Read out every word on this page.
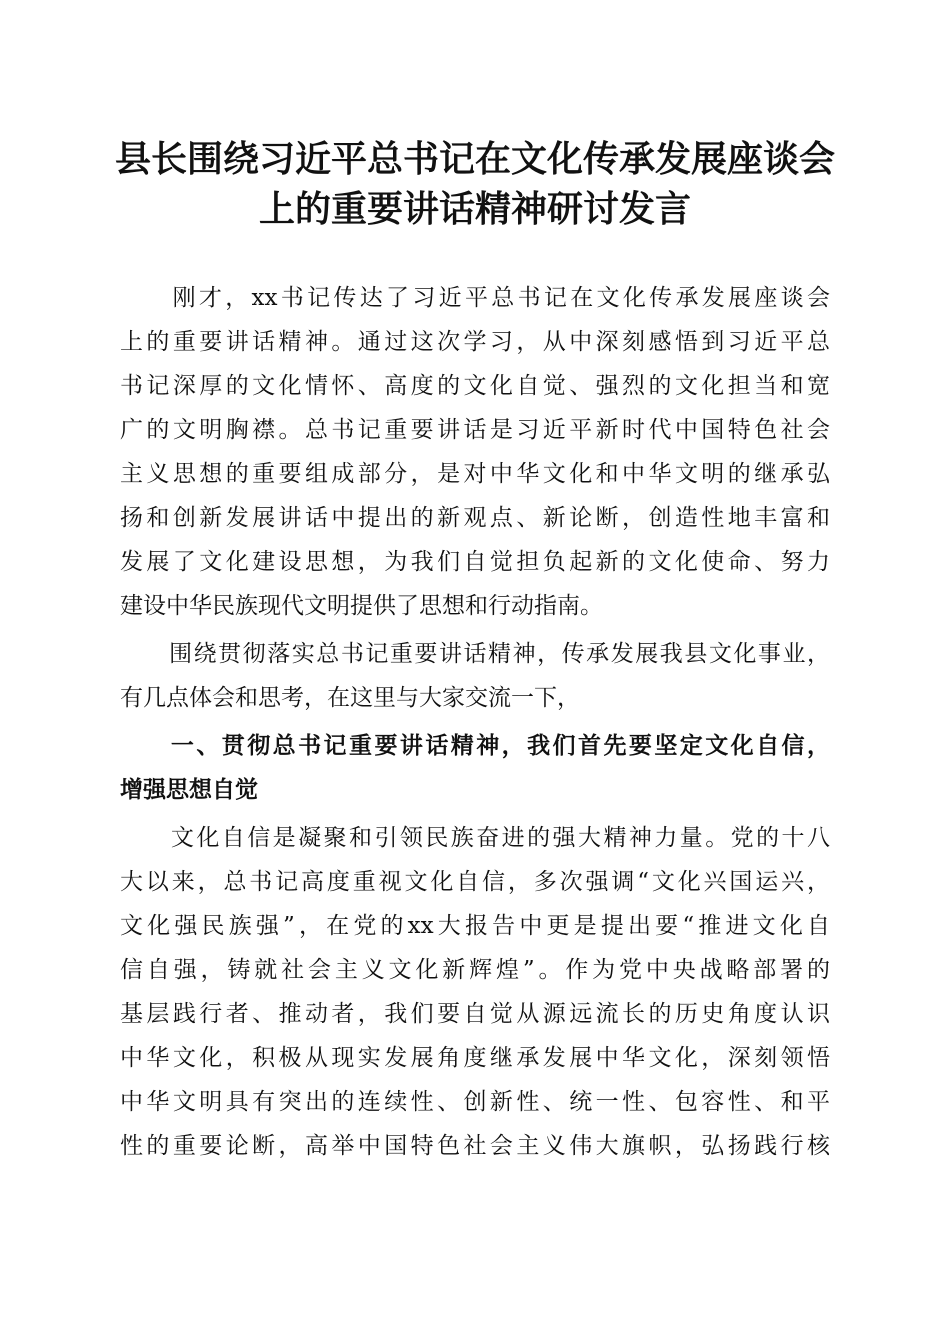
县长围绕习近平总书记在文化传承发展座谈会
上的重要讲话精神研讨发言

　　刚才，xx书记传达了习近平总书记在文化传承发展座谈会

上的重要讲话精神。通过这次学习，从中深刻感悟到习近平总

书记深厚的文化情怀、高度的文化自觉、强烈的文化担当和宽

广的文明胸襟。总书记重要讲话是习近平新时代中国特色社会

主义思想的重要组成部分，是对中华文化和中华文明的继承弘

扬和创新发展讲话中提出的新观点、新论断，创造性地丰富和

发展了文化建设思想，为我们自觉担负起新的文化使命、努力

建设中华民族现代文明提供了思想和行动指南。

　　围绕贯彻落实总书记重要讲话精神，传承发展我县文化事业，

有几点体会和思考，在这里与大家交流一下，

　　一、贯彻总书记重要讲话精神，我们首先要坚定文化自信，

增强思想自觉

　　文化自信是凝聚和引领民族奋进的强大精神力量。党的十八

大以来，总书记高度重视文化自信，多次强调“文化兴国运兴，

文化强民族强”，在党的xx大报告中更是提出要“推进文化自

信自强，铸就社会主义文化新辉煌”。作为党中央战略部署的

基层践行者、推动者，我们要自觉从源远流长的历史角度认识

中华文化，积极从现实发展角度继承发展中华文化，深刻领悟

中华文明具有突出的连续性、创新性、统一性、包容性、和平

性的重要论断，高举中国特色社会主义伟大旗帜，弘扬践行核
